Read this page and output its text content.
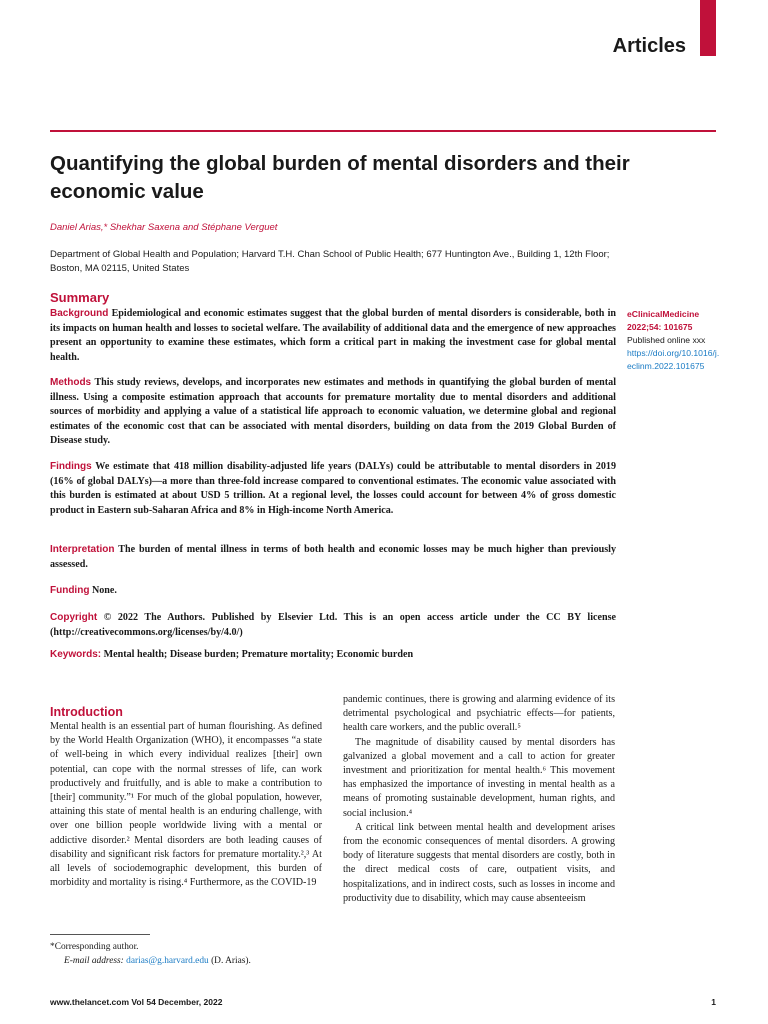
Articles
Quantifying the global burden of mental disorders and their economic value
Daniel Arias,* Shekhar Saxena and Stéphane Verguet
Department of Global Health and Population; Harvard T.H. Chan School of Public Health; 677 Huntington Ave., Building 1, 12th Floor; Boston, MA 02115, United States
Summary
Background Epidemiological and economic estimates suggest that the global burden of mental disorders is considerable, both in its impacts on human health and losses to societal welfare. The availability of additional data and the emergence of new approaches present an opportunity to examine these estimates, which form a critical part in making the investment case for global mental health.
Methods This study reviews, develops, and incorporates new estimates and methods in quantifying the global burden of mental illness. Using a composite estimation approach that accounts for premature mortality due to mental disorders and additional sources of morbidity and applying a value of a statistical life approach to economic valuation, we determine global and regional estimates of the economic cost that can be associated with mental disorders, building on data from the 2019 Global Burden of Disease study.
Findings We estimate that 418 million disability-adjusted life years (DALYs) could be attributable to mental disorders in 2019 (16% of global DALYs)—a more than three-fold increase compared to conventional estimates. The economic value associated with this burden is estimated at about USD 5 trillion. At a regional level, the losses could account for between 4% of gross domestic product in Eastern sub-Saharan Africa and 8% in High-income North America.
Interpretation The burden of mental illness in terms of both health and economic losses may be much higher than previously assessed.
Funding None.
Copyright © 2022 The Authors. Published by Elsevier Ltd. This is an open access article under the CC BY license (http://creativecommons.org/licenses/by/4.0/)
Keywords: Mental health; Disease burden; Premature mortality; Economic burden
eClinicalMedicine
2022;54: 101675
Published online xxx
https://doi.org/10.1016/j.
eclinm.2022.101675
Introduction

Mental health is an essential part of human flourishing. As defined by the World Health Organization (WHO), it encompasses “a state of well-being in which every individual realizes [their] own potential, can cope with the normal stresses of life, can work productively and fruitfully, and is able to make a contribution to [their] community.”¹ For much of the global population, however, attaining this state of mental health is an enduring challenge, with over one billion people worldwide living with a mental or addictive disorder.² Mental disorders are both leading causes of disability and significant risk factors for premature mortality.²,³ At all levels of sociodemographic development, this burden of morbidity and mortality is rising.⁴ Furthermore, as the COVID-19

pandemic continues, there is growing and alarming evidence of its detrimental psychological and psychiatric effects—for patients, health care workers, and the public overall.⁵

The magnitude of disability caused by mental disorders has galvanized a global movement and a call to action for greater investment and prioritization for mental health.⁶ This movement has emphasized the importance of investing in mental health as a means of promoting sustainable development, human rights, and social inclusion.⁴

A critical link between mental health and development arises from the economic consequences of mental disorders. A growing body of literature suggests that mental disorders are costly, both in the direct medical costs of care, outpatient visits, and hospitalizations, and in indirect costs, such as losses in income and productivity due to disability, which may cause absenteeism

*Corresponding author.
E-mail address: darias@g.harvard.edu (D. Arias).
www.thelancet.com Vol 54 December, 2022	1
